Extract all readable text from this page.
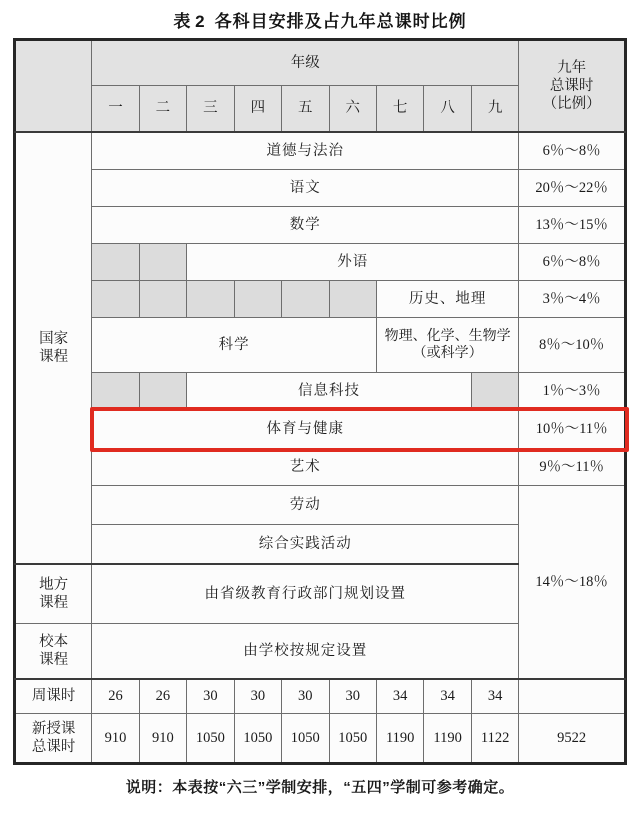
表 2 各科目安排及占九年总课时比例
	年级									九年
总课时
（比例）

	一	二	三	四	五	六	七	八	九	

国家
课程	道德与法治									6％～8％
	语文									20％～22％
	数学									13％～15％
			外语							6％～8％
							历史、地理			3％～4％
	科学						物理、化学、生物学（或科学）			8％～10％
			信息科技							1％～3％
	体育与健康									10％～11％
	艺术									9％～11％
	劳动									14％～18％
	综合实践活动									

地方
课程	由省级教育行政部门规划设置									

校本
课程	由学校按规定设置									
周课时	26	26	30	30	30	30	34	34	34	

新授课
总课时	910	910	1050	1050	1050	1050	1190	1190	1122	9522
说明：本表按“六三”学制安排，“五四”学制可参考确定。
